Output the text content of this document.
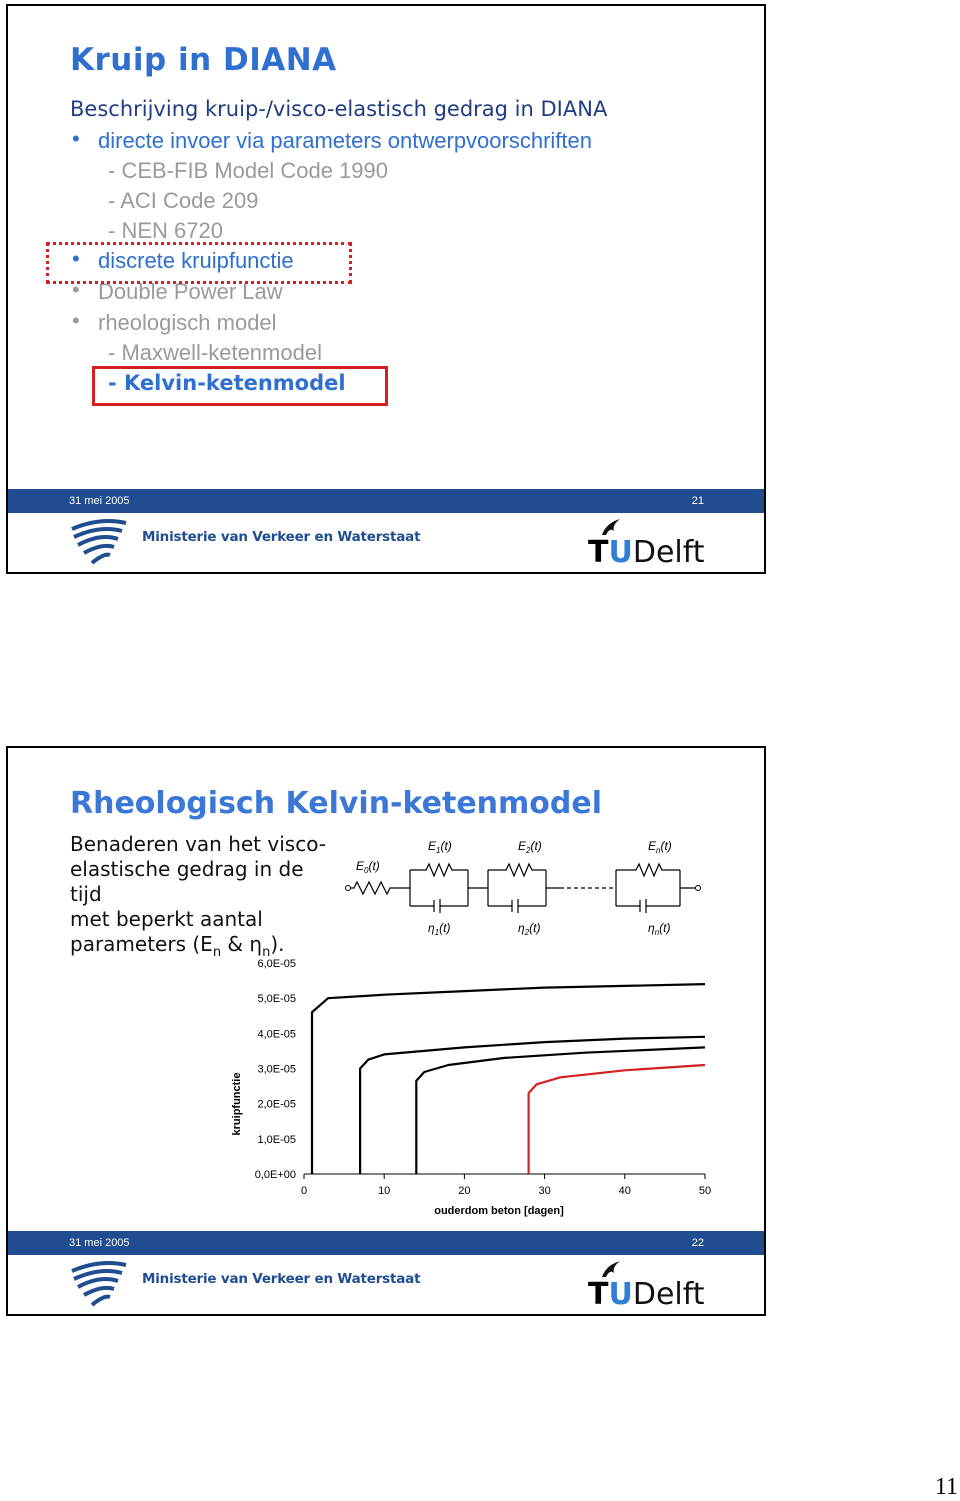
Kruip in DIANA
Beschrijving kruip-/visco-elastisch gedrag in DIANA
• directe invoer via parameters ontwerpvoorschriften
- CEB-FIB Model Code 1990
- ACI Code 209
- NEN 6720
• discrete kruipfunctie
• Double Power Law
• rheologisch model
- Maxwell-ketenmodel
- Kelvin-ketenmodel
31 mei 2005	21
Ministerie van Verkeer en Waterstaat	TUDelft
Rheologisch Kelvin-ketenmodel
Benaderen van het visco-
elastische gedrag in de tijd
met beperkt aantal
parameters ($E_n$ & $\eta_n$).
$E_0(t)$
$E_1(t)$	$E_2(t)$	$E_n(t)$
$\eta_1(t)$	$\eta_2(t)$	$\eta_n(t)$
kruipfunctie
ouderdom beton [dagen]
0,0E+00
1,0E-05
2,0E-05
3,0E-05
4,0E-05
5,0E-05
6,0E-05
0	10	20	30	40	50
31 mei 2005	22
Ministerie van Verkeer en Waterstaat	TUDelft
11
